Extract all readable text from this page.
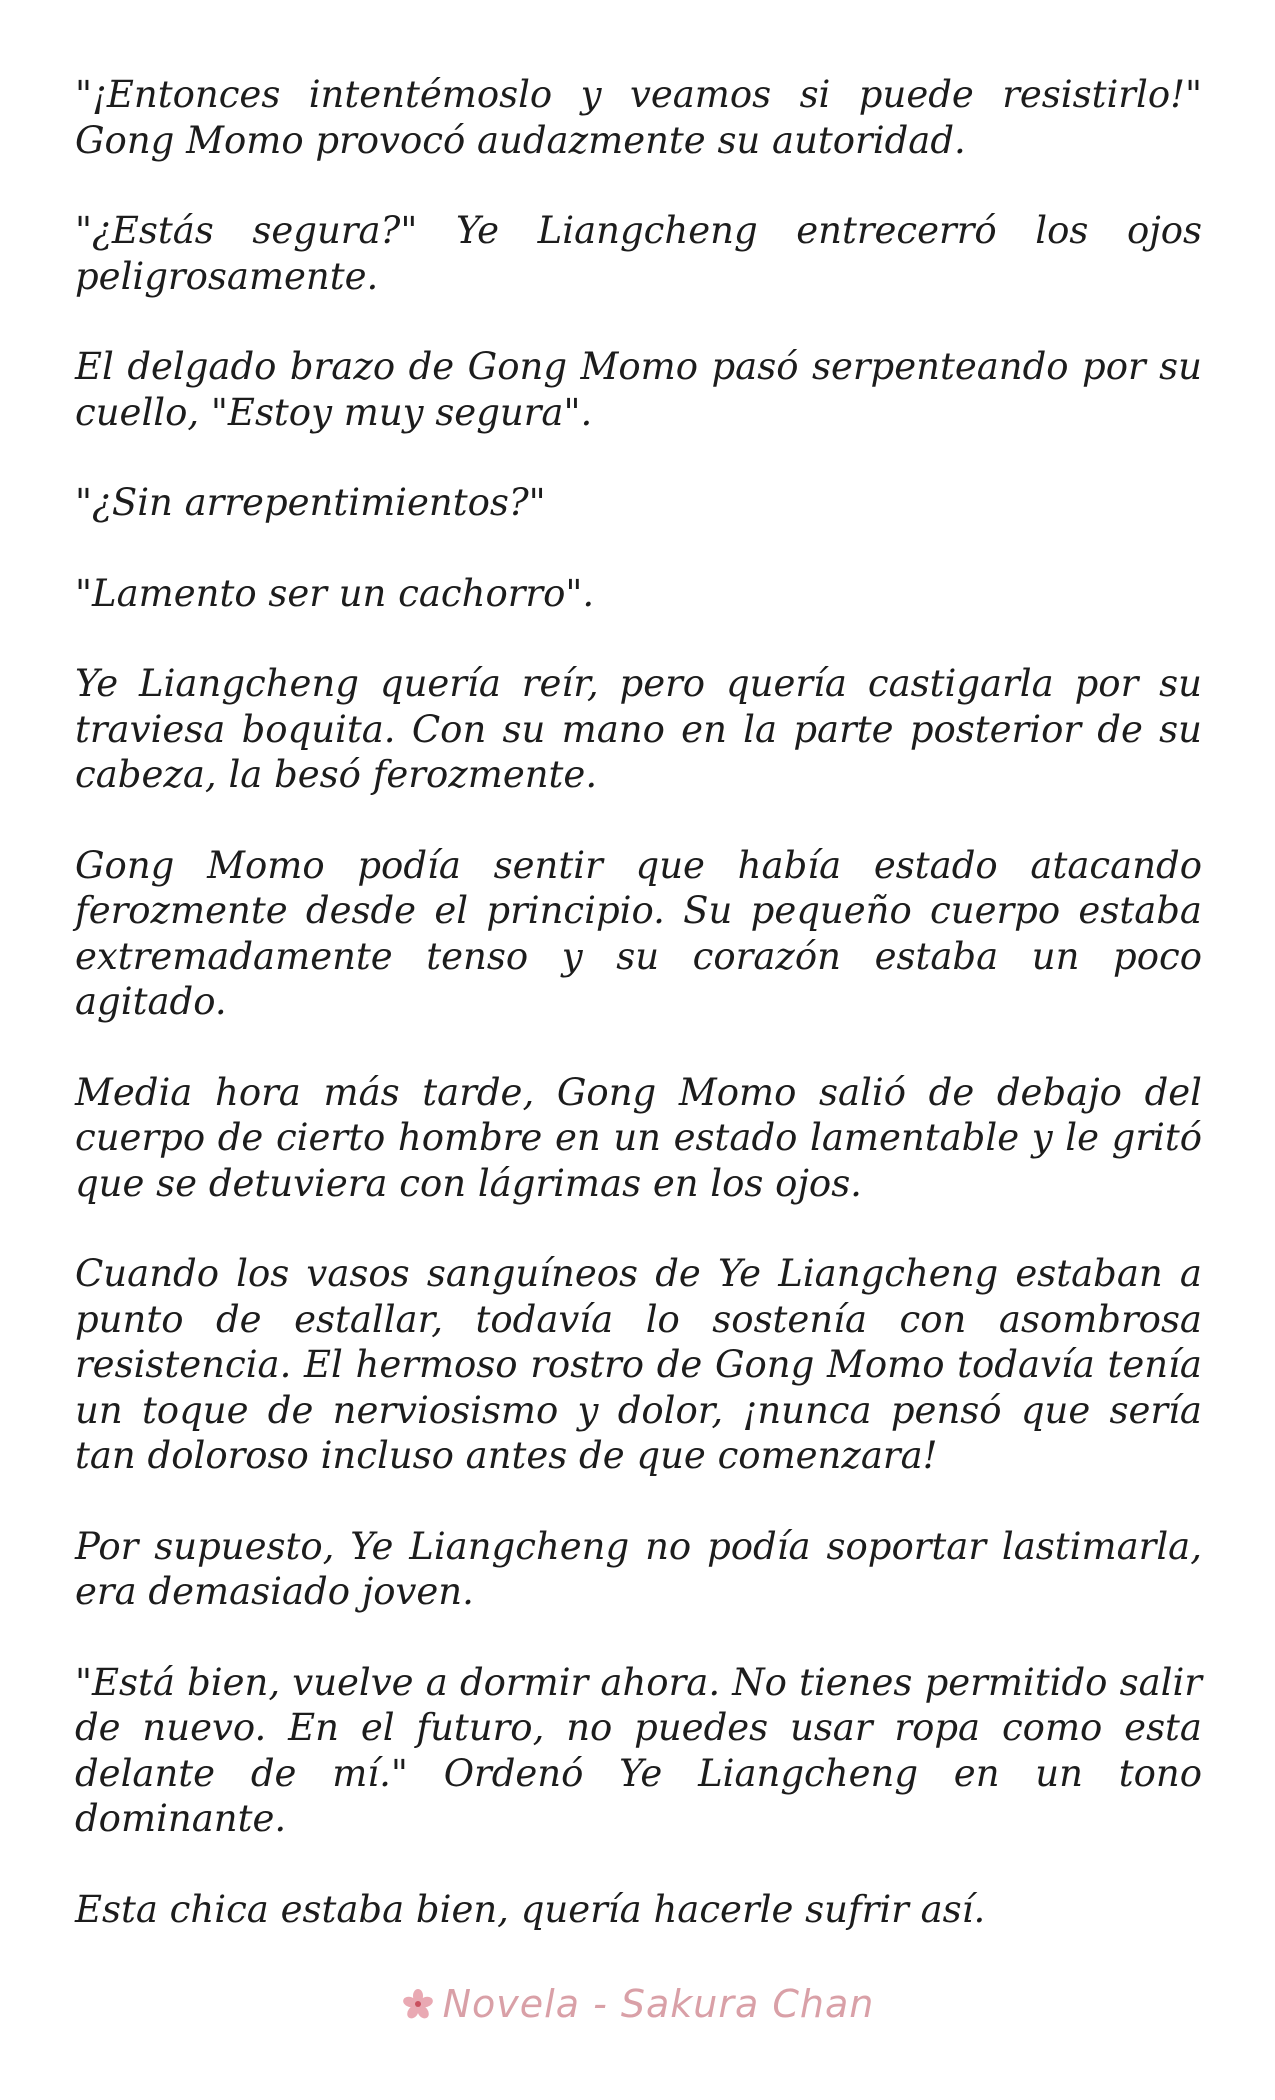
"¡Entonces intentémoslo y veamos si puede resistirlo!" Gong Momo provocó audazmente su autoridad.

"¿Estás segura?" Ye Liangcheng entrecerró los ojos peligrosamente.

El delgado brazo de Gong Momo pasó serpenteando por su cuello, "Estoy muy segura".

"¿Sin arrepentimientos?"

"Lamento ser un cachorro".

Ye Liangcheng quería reír, pero quería castigarla por su traviesa boquita. Con su mano en la parte posterior de su cabeza, la besó ferozmente.

Gong Momo podía sentir que había estado atacando ferozmente desde el principio. Su pequeño cuerpo estaba extremadamente tenso y su corazón estaba un poco agitado.

Media hora más tarde, Gong Momo salió de debajo del cuerpo de cierto hombre en un estado lamentable y le gritó que se detuviera con lágrimas en los ojos.

Cuando los vasos sanguíneos de Ye Liangcheng estaban a punto de estallar, todavía lo sostenía con asombrosa resistencia. El hermoso rostro de Gong Momo todavía tenía un toque de nerviosismo y dolor, ¡nunca pensó que sería tan doloroso incluso antes de que comenzara!

Por supuesto, Ye Liangcheng no podía soportar lastimarla, era demasiado joven.

"Está bien, vuelve a dormir ahora. No tienes permitido salir de nuevo. En el futuro, no puedes usar ropa como esta delante de mí." Ordenó Ye Liangcheng en un tono dominante.

Esta chica estaba bien, quería hacerle sufrir así.

Novela - Sakura Chan
